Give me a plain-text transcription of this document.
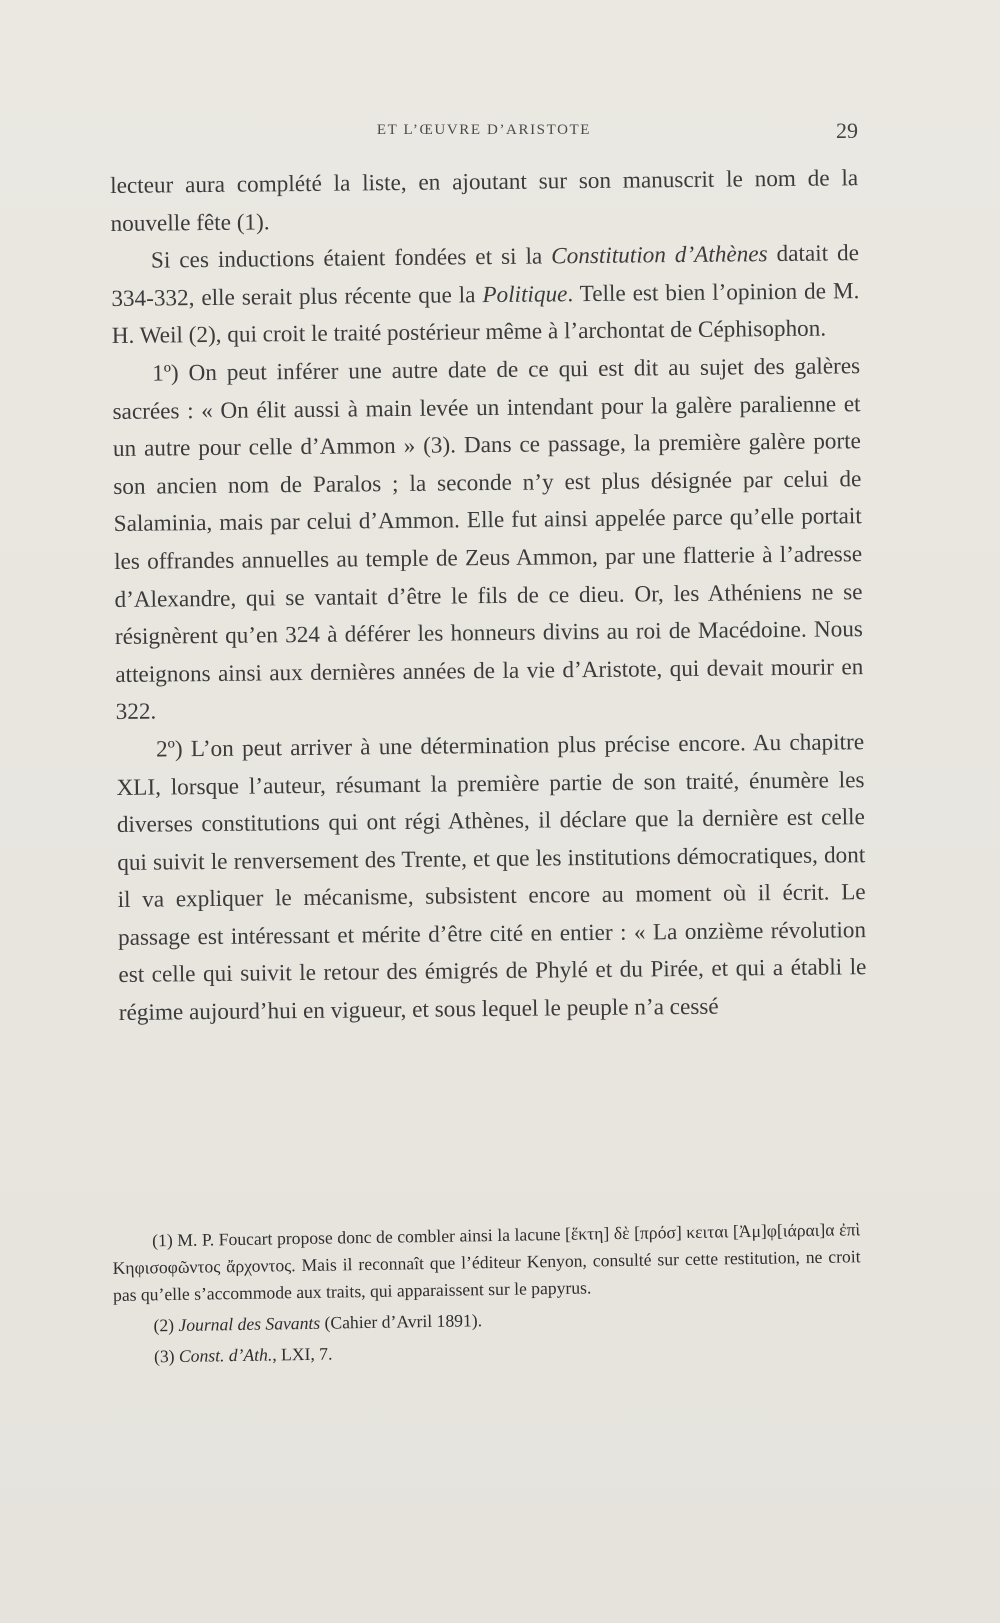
ET L’ŒUVRE D’ARISTOTE	29

lecteur aura complété la liste, en ajoutant sur son manuscrit le nom de la nouvelle fête (1).

Si ces inductions étaient fondées et si la Constitution d’Athènes datait de 334-332, elle serait plus récente que la Politique. Telle est bien l’opinion de M. H. Weil (2), qui croit le traité postérieur même à l’archontat de Céphisophon.

1º) On peut inférer une autre date de ce qui est dit au sujet des galères sacrées : « On élit aussi à main levée un intendant pour la galère paralienne et un autre pour celle d’Ammon » (3). Dans ce passage, la première galère porte son ancien nom de Paralos ; la seconde n’y est plus désignée par celui de Salaminia, mais par celui d’Ammon. Elle fut ainsi appelée parce qu’elle portait les offrandes annuelles au temple de Zeus Ammon, par une flatterie à l’adresse d’Alexandre, qui se vantait d’être le fils de ce dieu. Or, les Athéniens ne se résignèrent qu’en 324 à déférer les honneurs divins au roi de Macédoine. Nous atteignons ainsi aux dernières années de la vie d’Aristote, qui devait mourir en 322.

2º) L’on peut arriver à une détermination plus précise encore. Au chapitre XLI, lorsque l’auteur, résumant la première partie de son traité, énumère les diverses constitutions qui ont régi Athènes, il déclare que la dernière est celle qui suivit le renversement des Trente, et que les institutions démocratiques, dont il va expliquer le mécanisme, subsistent encore au moment où il écrit. Le passage est intéressant et mérite d’être cité en entier : « La onzième révolution est celle qui suivit le retour des émigrés de Phylé et du Pirée, et qui a établi le régime aujourd’hui en vigueur, et sous lequel le peuple n’a cessé

(1) M. P. Foucart propose donc de combler ainsi la lacune [ἕκτη] δὲ [πρόσ] κειται [Ἀμ]φ[ιάραι]α ἐπὶ Κηφισοφῶντος ἄρχοντος. Mais il reconnaît que l’éditeur Kenyon, consulté sur cette restitution, ne croit pas qu’elle s’accommode aux traits, qui apparaissent sur le papyrus.

(2) Journal des Savants (Cahier d’Avril 1891).

(3) Const. d’Ath., LXI, 7.
